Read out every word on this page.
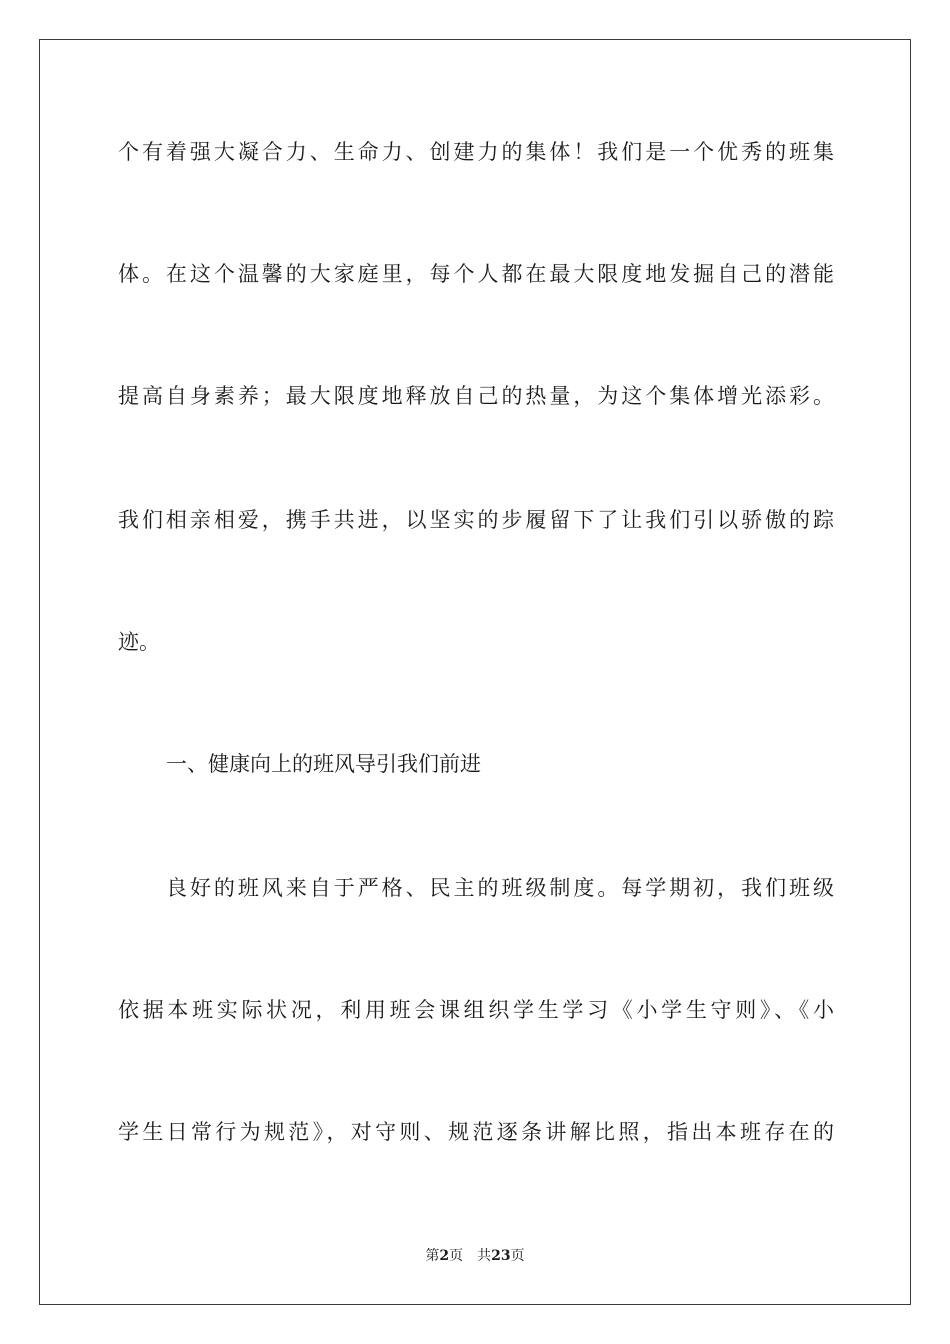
个有着强大凝合力、生命力、创建力的集体！我们是一个优秀的班集
体。在这个温馨的大家庭里，每个人都在最大限度地发掘自己的潜能
提高自身素养；最大限度地释放自己的热量，为这个集体增光添彩。
我们相亲相爱，携手共进，以坚实的步履留下了让我们引以骄傲的踪
迹。
一、健康向上的班风导引我们前进
良好的班风来自于严格、民主的班级制度。每学期初，我们班级
依据本班实际状况，利用班会课组织学生学习《小学生守则》、《小
学生日常行为规范》，对守则、规范逐条讲解比照，指出本班存在的
第2页 共23页
